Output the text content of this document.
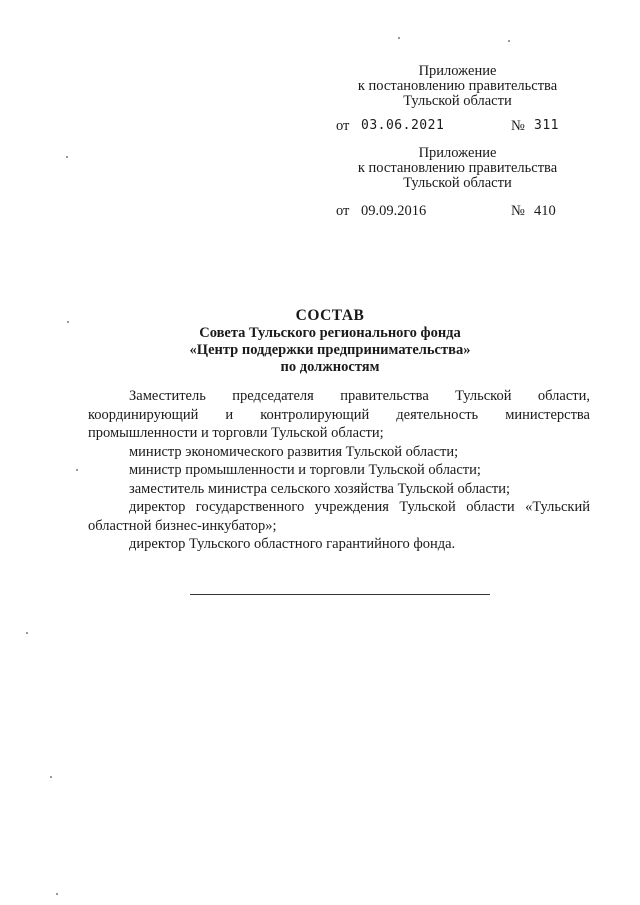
Приложение
к постановлению правительства
Тульской области
от 03.06.2021	№ 311
Приложение
к постановлению правительства
Тульской области
от 09.09.2016	№ 410
СОСТАВ
Совета Тульского регионального фонда
«Центр поддержки предпринимательства»
по должностям

Заместитель председателя правительства Тульской области, координирующий и контролирующий деятельность министерства промышленности и торговли Тульской области;

министр экономического развития Тульской области;

министр промышленности и торговли Тульской области;

заместитель министра сельского хозяйства Тульской области;

директор государственного учреждения Тульской области «Тульский областной бизнес-инкубатор»;

директор Тульского областного гарантийного фонда.
